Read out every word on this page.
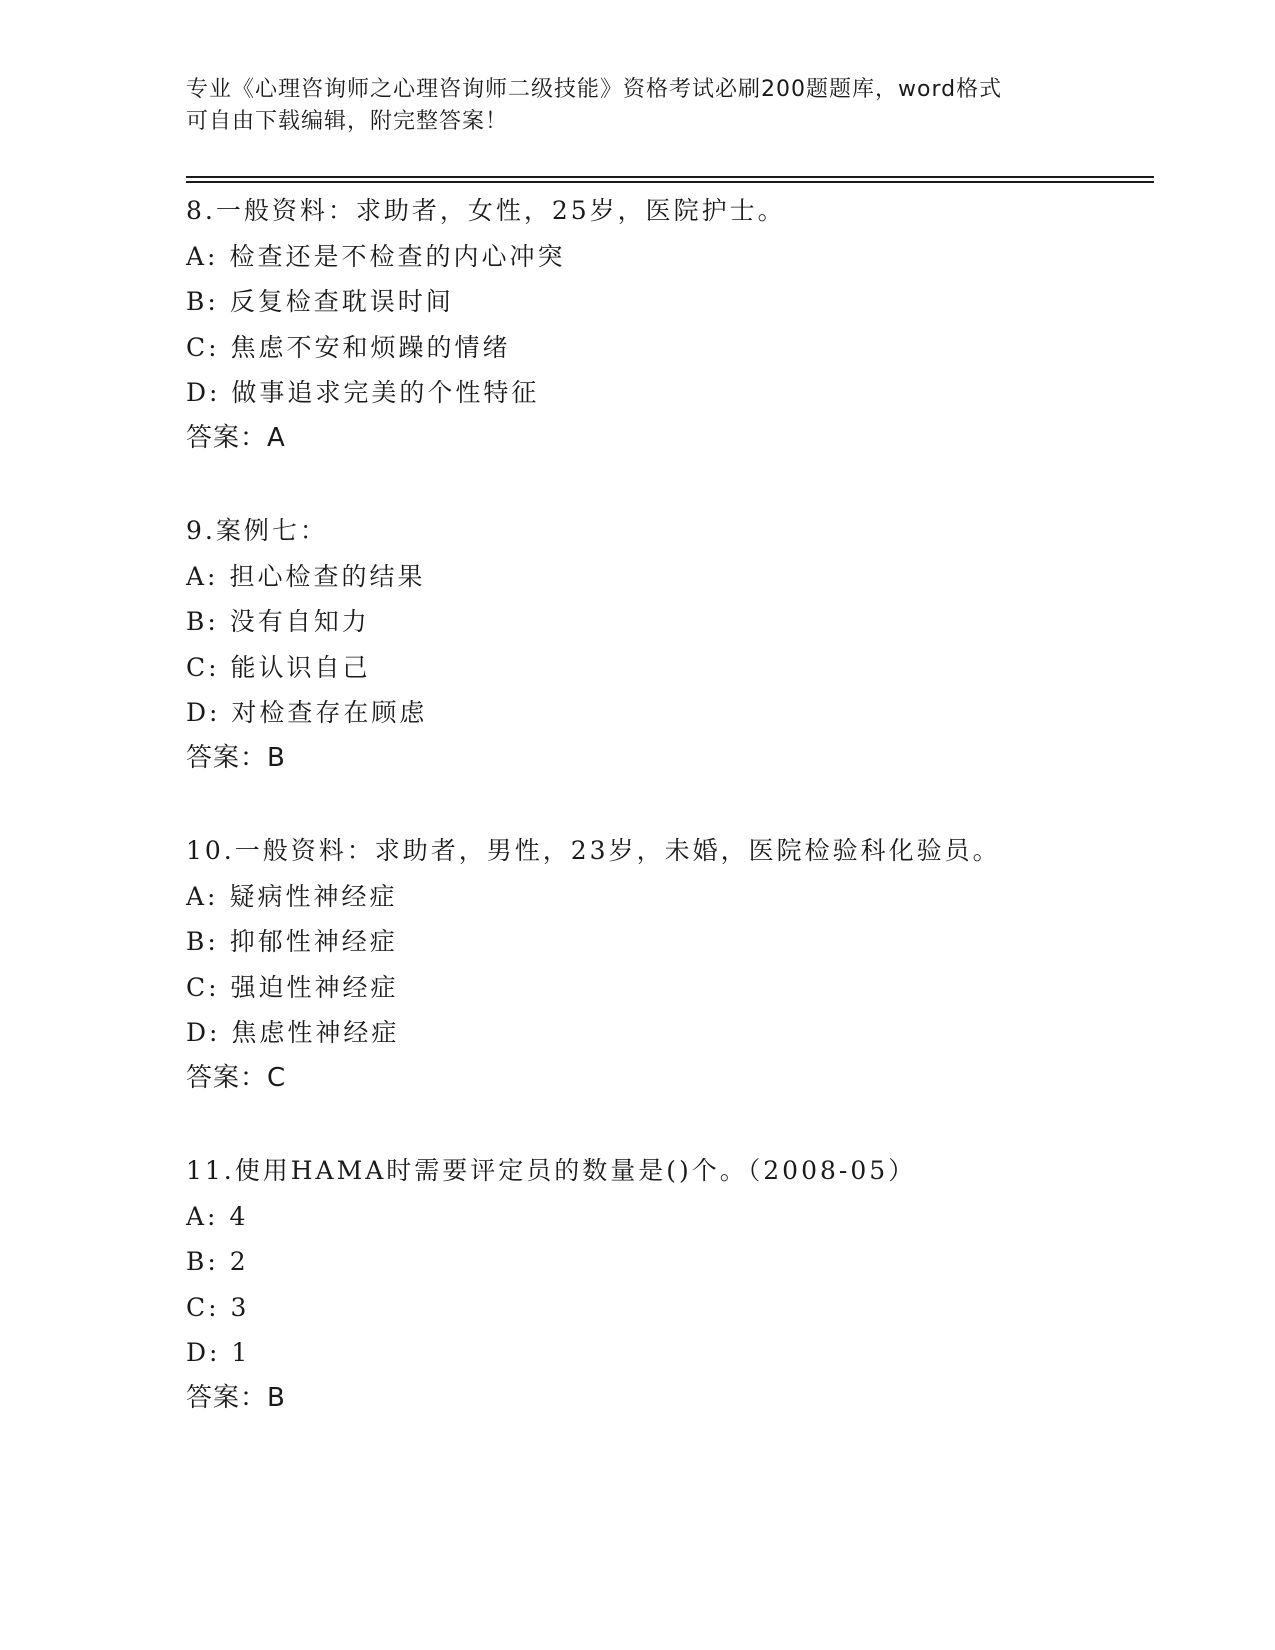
专业《心理咨询师之心理咨询师二级技能》资格考试必刷200题题库，word格式
可自由下载编辑，附完整答案！
8.一般资料：求助者，女性，25岁，医院护士。
A: 检查还是不检查的内心冲突
B: 反复检查耽误时间
C: 焦虑不安和烦躁的情绪
D: 做事追求完美的个性特征
答案：A
9.案例七：
A: 担心检查的结果
B: 没有自知力
C: 能认识自己
D: 对检查存在顾虑
答案：B
10.一般资料：求助者，男性，23岁，未婚，医院检验科化验员。
A: 疑病性神经症
B: 抑郁性神经症
C: 强迫性神经症
D: 焦虑性神经症
答案：C
11.使用HAMA时需要评定员的数量是()个。（2008-05）
A: 4
B: 2
C: 3
D: 1
答案：B
